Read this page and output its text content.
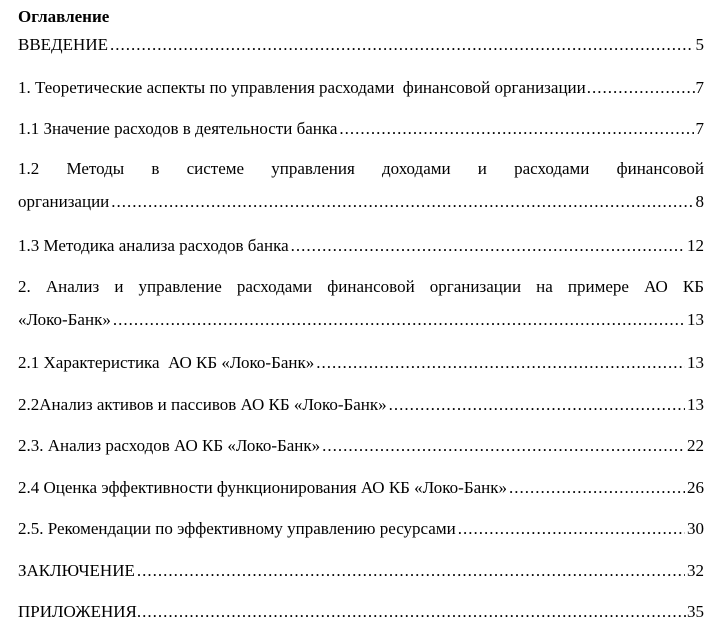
Оглавление
ВВЕДЕНИЕ .....	5
1. Теоретические аспекты по управления расходами  финансовой организации .....	7
1.1 Значение расходов в деятельности банка .....	7
1.2 Методы в системе управления доходами и расходами финансовой
организации .....	8
1.3 Методика анализа расходов банка .....	12
2. Анализ и управление расходами финансовой организации на примере АО КБ
«Локо-Банк» .....	13
2.1 Характеристика  АО КБ «Локо-Банк» .....	13
2.2Анализ активов и пассивов АО КБ «Локо-Банк» .....	13
2.3. Анализ расходов АО КБ «Локо-Банк» .....	22
2.4 Оценка эффективности функционирования АО КБ «Локо-Банк» .....	26
2.5. Рекомендации по эффективному управлению ресурсами .....	30
ЗАКЛЮЧЕНИЕ .....	32
ПРИЛОЖЕНИЯ .....	35
